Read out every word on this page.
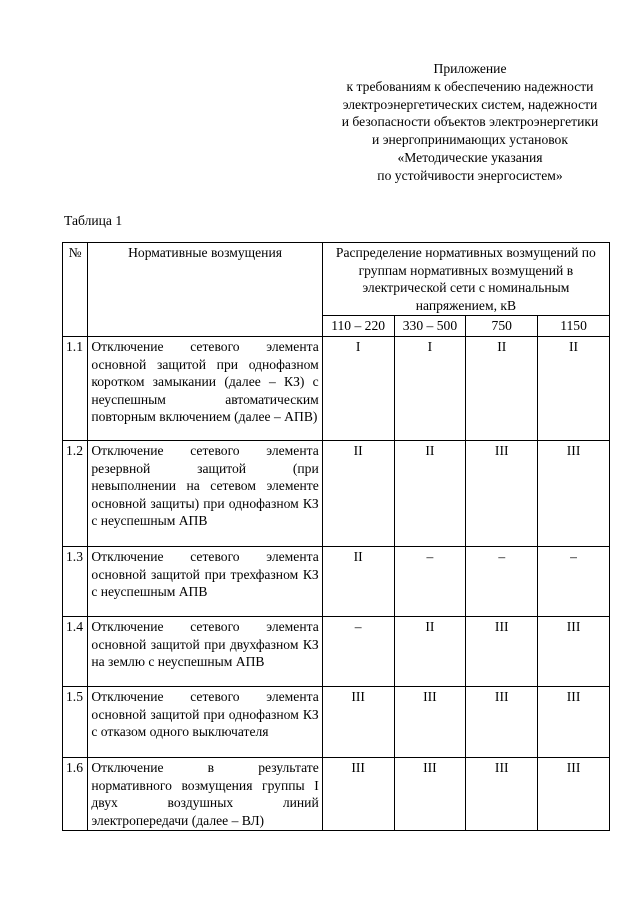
Приложение
к требованиям к обеспечению надежности
электроэнергетических систем, надежности
и безопасности объектов электроэнергетики
и энергопринимающих установок
«Методические указания
по устойчивости энергосистем»
Таблица 1
№	Нормативные возмущения	Распределение нормативных возмущений по группам нормативных возмущений в электрической сети с номинальным напряжением, кВ			
		110 – 220	330 – 500	750	1150
1.1	Отключение сетевого элемента основной защитой при однофазном коротком замыкании (далее – КЗ) с неуспешным автоматическим повторным включением (далее – АПВ)	I	I	II	II
1.2	Отключение сетевого элемента резервной защитой (при невыполнении на сетевом элементе основной защиты) при однофазном КЗ с неуспешным АПВ	II	II	III	III
1.3	Отключение сетевого элемента основной защитой при трехфазном КЗ с неуспешным АПВ	II	–	–	–
1.4	Отключение сетевого элемента основной защитой при двухфазном КЗ на землю с неуспешным АПВ	–	II	III	III
1.5	Отключение сетевого элемента основной защитой при однофазном КЗ с отказом одного выключателя	III	III	III	III
1.6	Отключение в результате нормативного возмущения группы I двух воздушных линий электропередачи (далее – ВЛ)	III	III	III	III
